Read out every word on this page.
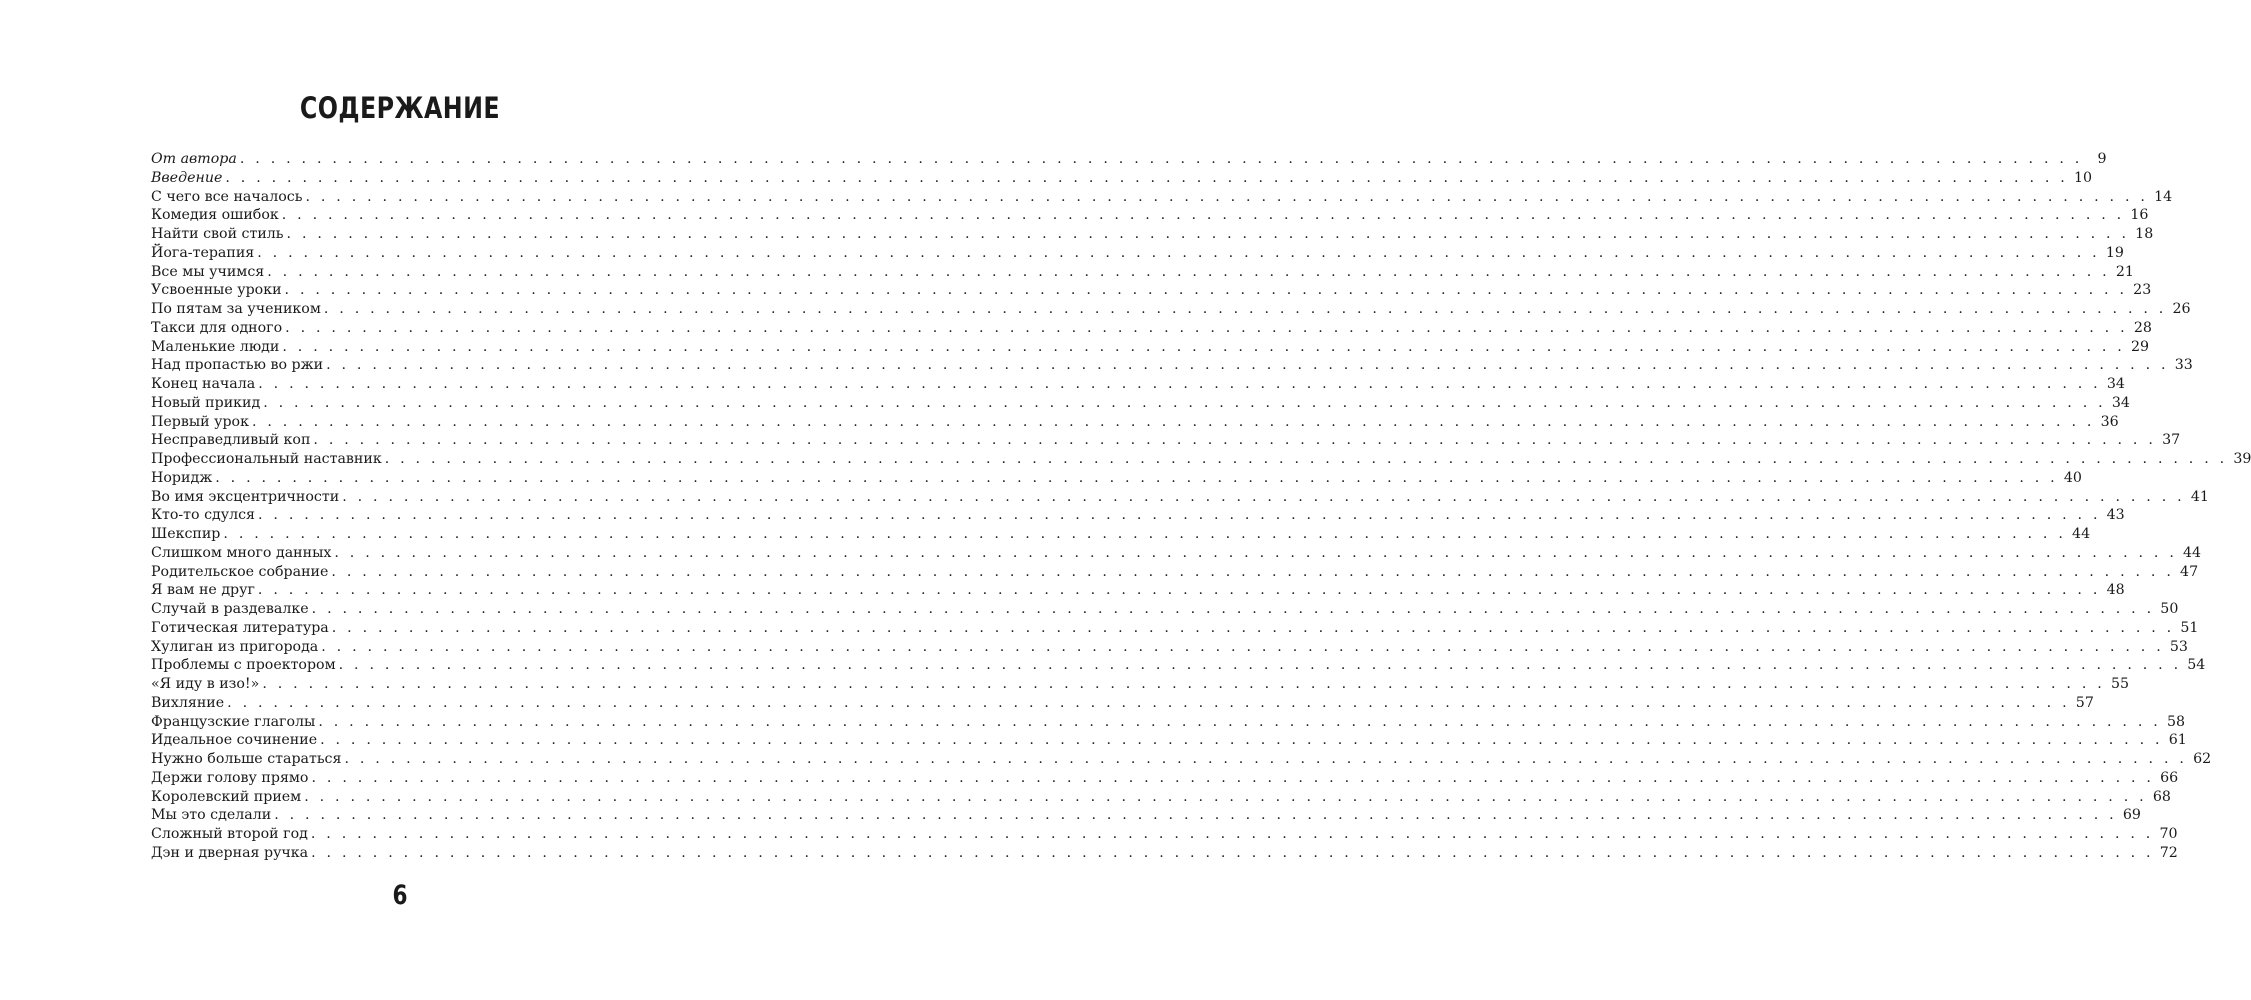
СОДЕРЖАНИЕ
От автора . . . . . . . . . . . . . . . . . . . . . . . . . . . . . . . . . . . . . . . . . . . . . . . . . . . . . . . . . . . . . . . . . . . . . . . . . . . . . . . . . . . . . . . . . . . . . . . . . . . . . . . . . . . . . . . . . . . . . . . .	9
Введение . . . . . . . . . . . . . . . . . . . . . . . . . . . . . . . . . . . . . . . . . . . . . . . . . . . . . . . . . . . . . . . . . . . . . . . . . . . . . . . . . . . . . . . . . . . . . . . . . . . . . . . . . . . . . . . . . . . . . . . . 10
С чего все началось . . . . . . . . . . . . . . . . . . . . . . . . . . . . . . . . . . . . . . . . . . . . . . . . . . . . . . . . . . . . . . . . . . . . . . . . . . . . . . . . . . . . . . . . . . . . . . . . . . . . . . . . . . . . . . . . . . . . . . . . 14
Комедия ошибок . . . . . . . . . . . . . . . . . . . . . . . . . . . . . . . . . . . . . . . . . . . . . . . . . . . . . . . . . . . . . . . . . . . . . . . . . . . . . . . . . . . . . . . . . . . . . . . . . . . . . . . . . . . . . . . . . . . . . . . . 16
Найти свой стиль . . . . . . . . . . . . . . . . . . . . . . . . . . . . . . . . . . . . . . . . . . . . . . . . . . . . . . . . . . . . . . . . . . . . . . . . . . . . . . . . . . . . . . . . . . . . . . . . . . . . . . . . . . . . . . . . . . . . . . . . 18
Йога-терапия . . . . . . . . . . . . . . . . . . . . . . . . . . . . . . . . . . . . . . . . . . . . . . . . . . . . . . . . . . . . . . . . . . . . . . . . . . . . . . . . . . . . . . . . . . . . . . . . . . . . . . . . . . . . . . . . . . . . . . . . 19
Все мы учимся . . . . . . . . . . . . . . . . . . . . . . . . . . . . . . . . . . . . . . . . . . . . . . . . . . . . . . . . . . . . . . . . . . . . . . . . . . . . . . . . . . . . . . . . . . . . . . . . . . . . . . . . . . . . . . . . . . . . . . . . 21
Усвоенные уроки . . . . . . . . . . . . . . . . . . . . . . . . . . . . . . . . . . . . . . . . . . . . . . . . . . . . . . . . . . . . . . . . . . . . . . . . . . . . . . . . . . . . . . . . . . . . . . . . . . . . . . . . . . . . . . . . . . . . . . . . 23
По пятам за учеником . . . . . . . . . . . . . . . . . . . . . . . . . . . . . . . . . . . . . . . . . . . . . . . . . . . . . . . . . . . . . . . . . . . . . . . . . . . . . . . . . . . . . . . . . . . . . . . . . . . . . . . . . . . . . . . . . . . . . . . . 26
Такси для одного . . . . . . . . . . . . . . . . . . . . . . . . . . . . . . . . . . . . . . . . . . . . . . . . . . . . . . . . . . . . . . . . . . . . . . . . . . . . . . . . . . . . . . . . . . . . . . . . . . . . . . . . . . . . . . . . . . . . . . . . 28
Маленькие люди . . . . . . . . . . . . . . . . . . . . . . . . . . . . . . . . . . . . . . . . . . . . . . . . . . . . . . . . . . . . . . . . . . . . . . . . . . . . . . . . . . . . . . . . . . . . . . . . . . . . . . . . . . . . . . . . . . . . . . . . 29
Над пропастью во ржи . . . . . . . . . . . . . . . . . . . . . . . . . . . . . . . . . . . . . . . . . . . . . . . . . . . . . . . . . . . . . . . . . . . . . . . . . . . . . . . . . . . . . . . . . . . . . . . . . . . . . . . . . . . . . . . . . . . . . . . . 33
Конец начала . . . . . . . . . . . . . . . . . . . . . . . . . . . . . . . . . . . . . . . . . . . . . . . . . . . . . . . . . . . . . . . . . . . . . . . . . . . . . . . . . . . . . . . . . . . . . . . . . . . . . . . . . . . . . . . . . . . . . . . . 34
Новый прикид . . . . . . . . . . . . . . . . . . . . . . . . . . . . . . . . . . . . . . . . . . . . . . . . . . . . . . . . . . . . . . . . . . . . . . . . . . . . . . . . . . . . . . . . . . . . . . . . . . . . . . . . . . . . . . . . . . . . . . . . 34
Первый урок . . . . . . . . . . . . . . . . . . . . . . . . . . . . . . . . . . . . . . . . . . . . . . . . . . . . . . . . . . . . . . . . . . . . . . . . . . . . . . . . . . . . . . . . . . . . . . . . . . . . . . . . . . . . . . . . . . . . . . . . 36
Несправедливый коп . . . . . . . . . . . . . . . . . . . . . . . . . . . . . . . . . . . . . . . . . . . . . . . . . . . . . . . . . . . . . . . . . . . . . . . . . . . . . . . . . . . . . . . . . . . . . . . . . . . . . . . . . . . . . . . . . . . . . . . . 37
Профессиональный наставник . . . . . . . . . . . . . . . . . . . . . . . . . . . . . . . . . . . . . . . . . . . . . . . . . . . . . . . . . . . . . . . . . . . . . . . . . . . . . . . . . . . . . . . . . . . . . . . . . . . . . . . . . . . . . . . . . . . . . . . . 39
Норидж . . . . . . . . . . . . . . . . . . . . . . . . . . . . . . . . . . . . . . . . . . . . . . . . . . . . . . . . . . . . . . . . . . . . . . . . . . . . . . . . . . . . . . . . . . . . . . . . . . . . . . . . . . . . . . . . . . . . . . . . 40
Во имя эксцентричности . . . . . . . . . . . . . . . . . . . . . . . . . . . . . . . . . . . . . . . . . . . . . . . . . . . . . . . . . . . . . . . . . . . . . . . . . . . . . . . . . . . . . . . . . . . . . . . . . . . . . . . . . . . . . . . . . . . . . . . . 41
Кто-то сдулся . . . . . . . . . . . . . . . . . . . . . . . . . . . . . . . . . . . . . . . . . . . . . . . . . . . . . . . . . . . . . . . . . . . . . . . . . . . . . . . . . . . . . . . . . . . . . . . . . . . . . . . . . . . . . . . . . . . . . . . . 43
Шекспир . . . . . . . . . . . . . . . . . . . . . . . . . . . . . . . . . . . . . . . . . . . . . . . . . . . . . . . . . . . . . . . . . . . . . . . . . . . . . . . . . . . . . . . . . . . . . . . . . . . . . . . . . . . . . . . . . . . . . . . . 44
Слишком много данных . . . . . . . . . . . . . . . . . . . . . . . . . . . . . . . . . . . . . . . . . . . . . . . . . . . . . . . . . . . . . . . . . . . . . . . . . . . . . . . . . . . . . . . . . . . . . . . . . . . . . . . . . . . . . . . . . . . . . . . . 44
Родительское собрание . . . . . . . . . . . . . . . . . . . . . . . . . . . . . . . . . . . . . . . . . . . . . . . . . . . . . . . . . . . . . . . . . . . . . . . . . . . . . . . . . . . . . . . . . . . . . . . . . . . . . . . . . . . . . . . . . . . . . . . . 47
Я вам не друг . . . . . . . . . . . . . . . . . . . . . . . . . . . . . . . . . . . . . . . . . . . . . . . . . . . . . . . . . . . . . . . . . . . . . . . . . . . . . . . . . . . . . . . . . . . . . . . . . . . . . . . . . . . . . . . . . . . . . . . . 48
Случай в раздевалке . . . . . . . . . . . . . . . . . . . . . . . . . . . . . . . . . . . . . . . . . . . . . . . . . . . . . . . . . . . . . . . . . . . . . . . . . . . . . . . . . . . . . . . . . . . . . . . . . . . . . . . . . . . . . . . . . . . . . . . . 50
Готическая литература . . . . . . . . . . . . . . . . . . . . . . . . . . . . . . . . . . . . . . . . . . . . . . . . . . . . . . . . . . . . . . . . . . . . . . . . . . . . . . . . . . . . . . . . . . . . . . . . . . . . . . . . . . . . . . . . . . . . . . . . 51
Хулиган из пригорода . . . . . . . . . . . . . . . . . . . . . . . . . . . . . . . . . . . . . . . . . . . . . . . . . . . . . . . . . . . . . . . . . . . . . . . . . . . . . . . . . . . . . . . . . . . . . . . . . . . . . . . . . . . . . . . . . . . . . . . . 53
Проблемы с проектором . . . . . . . . . . . . . . . . . . . . . . . . . . . . . . . . . . . . . . . . . . . . . . . . . . . . . . . . . . . . . . . . . . . . . . . . . . . . . . . . . . . . . . . . . . . . . . . . . . . . . . . . . . . . . . . . . . . . . . . . 54
«Я иду в изо!» . . . . . . . . . . . . . . . . . . . . . . . . . . . . . . . . . . . . . . . . . . . . . . . . . . . . . . . . . . . . . . . . . . . . . . . . . . . . . . . . . . . . . . . . . . . . . . . . . . . . . . . . . . . . . . . . . . . . . . . . 55
Вихляние . . . . . . . . . . . . . . . . . . . . . . . . . . . . . . . . . . . . . . . . . . . . . . . . . . . . . . . . . . . . . . . . . . . . . . . . . . . . . . . . . . . . . . . . . . . . . . . . . . . . . . . . . . . . . . . . . . . . . . . . 57
Французские глаголы . . . . . . . . . . . . . . . . . . . . . . . . . . . . . . . . . . . . . . . . . . . . . . . . . . . . . . . . . . . . . . . . . . . . . . . . . . . . . . . . . . . . . . . . . . . . . . . . . . . . . . . . . . . . . . . . . . . . . . . . 58
Идеальное сочинение . . . . . . . . . . . . . . . . . . . . . . . . . . . . . . . . . . . . . . . . . . . . . . . . . . . . . . . . . . . . . . . . . . . . . . . . . . . . . . . . . . . . . . . . . . . . . . . . . . . . . . . . . . . . . . . . . . . . . . . . 61
Нужно больше стараться . . . . . . . . . . . . . . . . . . . . . . . . . . . . . . . . . . . . . . . . . . . . . . . . . . . . . . . . . . . . . . . . . . . . . . . . . . . . . . . . . . . . . . . . . . . . . . . . . . . . . . . . . . . . . . . . . . . . . . . . 62
Держи голову прямо . . . . . . . . . . . . . . . . . . . . . . . . . . . . . . . . . . . . . . . . . . . . . . . . . . . . . . . . . . . . . . . . . . . . . . . . . . . . . . . . . . . . . . . . . . . . . . . . . . . . . . . . . . . . . . . . . . . . . . . . 66
Королевский прием . . . . . . . . . . . . . . . . . . . . . . . . . . . . . . . . . . . . . . . . . . . . . . . . . . . . . . . . . . . . . . . . . . . . . . . . . . . . . . . . . . . . . . . . . . . . . . . . . . . . . . . . . . . . . . . . . . . . . . . . 68
Мы это сделали . . . . . . . . . . . . . . . . . . . . . . . . . . . . . . . . . . . . . . . . . . . . . . . . . . . . . . . . . . . . . . . . . . . . . . . . . . . . . . . . . . . . . . . . . . . . . . . . . . . . . . . . . . . . . . . . . . . . . . . . 69
Сложный второй год . . . . . . . . . . . . . . . . . . . . . . . . . . . . . . . . . . . . . . . . . . . . . . . . . . . . . . . . . . . . . . . . . . . . . . . . . . . . . . . . . . . . . . . . . . . . . . . . . . . . . . . . . . . . . . . . . . . . . . . . 70
Дэн и дверная ручка . . . . . . . . . . . . . . . . . . . . . . . . . . . . . . . . . . . . . . . . . . . . . . . . . . . . . . . . . . . . . . . . . . . . . . . . . . . . . . . . . . . . . . . . . . . . . . . . . . . . . . . . . . . . . . . . . . . . . . . . 72
6
